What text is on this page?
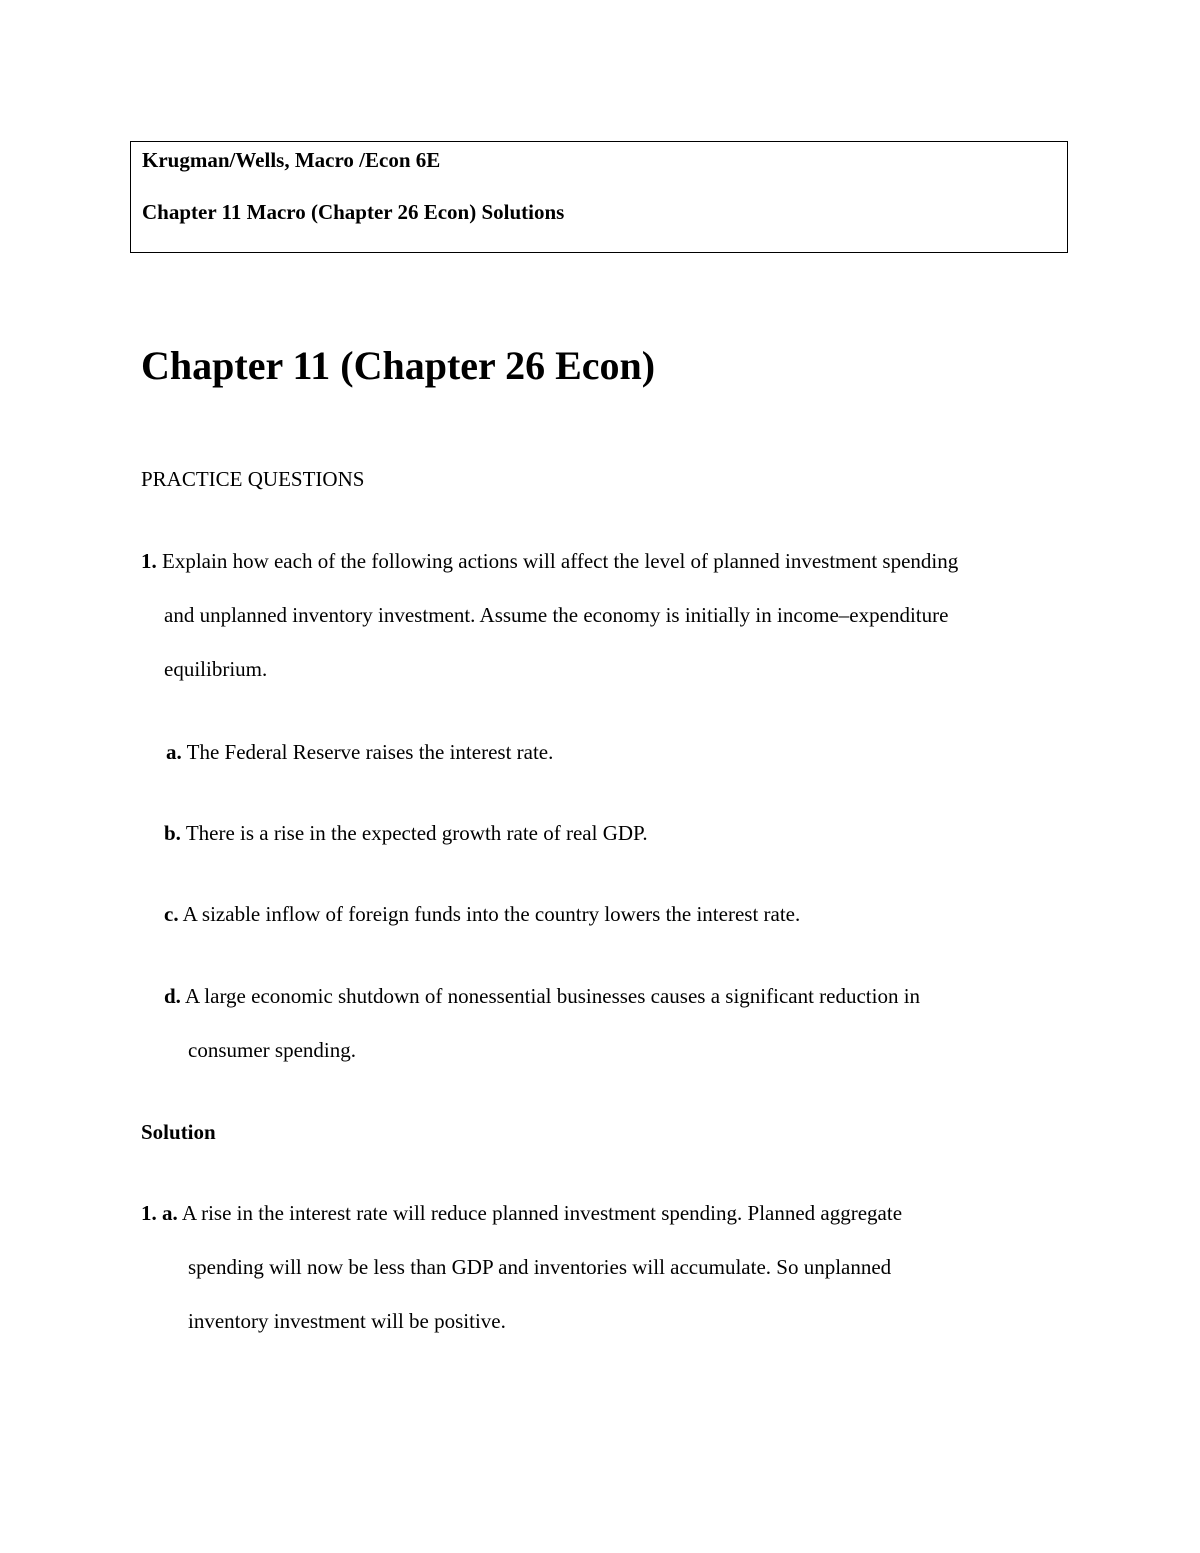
Krugman/Wells, Macro /Econ 6E
Chapter 11 Macro (Chapter 26 Econ) Solutions
Chapter 11 (Chapter 26 Econ)
PRACTICE QUESTIONS
1. Explain how each of the following actions will affect the level of planned investment spending
and unplanned inventory investment. Assume the economy is initially in income–expenditure
equilibrium.
a. The Federal Reserve raises the interest rate.
b. There is a rise in the expected growth rate of real GDP.
c. A sizable inflow of foreign funds into the country lowers the interest rate.
d. A large economic shutdown of nonessential businesses causes a significant reduction in
consumer spending.
Solution
1. a. A rise in the interest rate will reduce planned investment spending. Planned aggregate
spending will now be less than GDP and inventories will accumulate. So unplanned
inventory investment will be positive.
